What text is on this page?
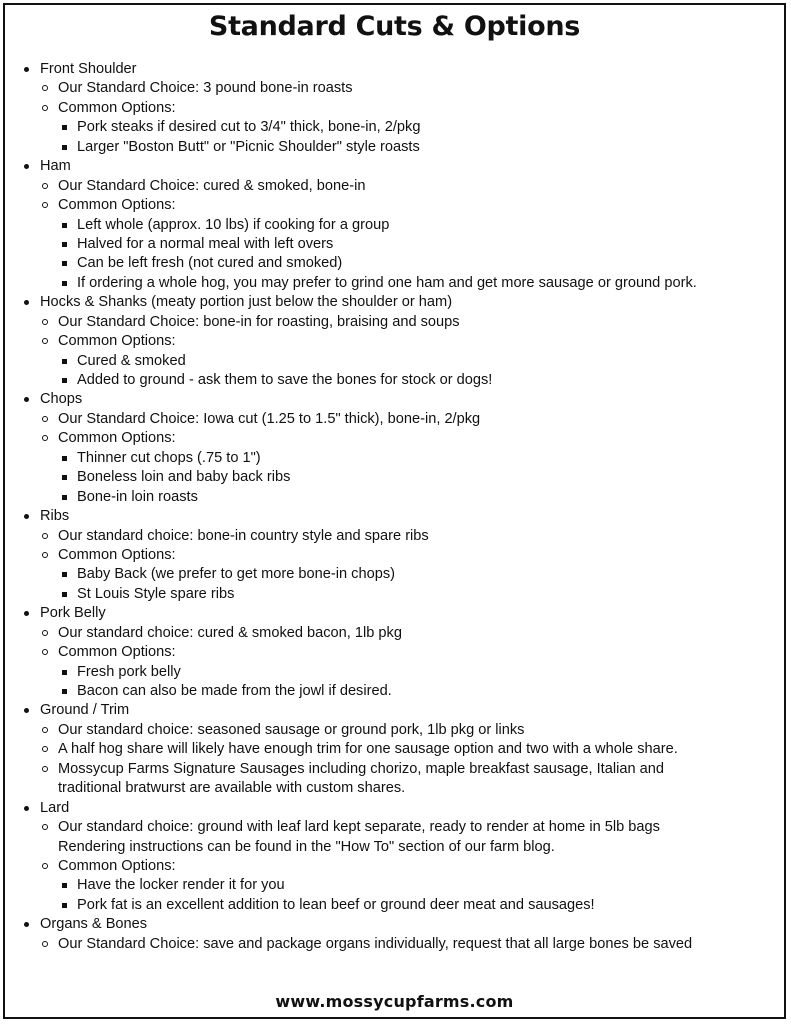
Standard Cuts & Options
Front Shoulder
Our Standard Choice: 3 pound bone-in roasts
Common Options:
Pork steaks if desired cut to 3/4" thick, bone-in, 2/pkg
Larger "Boston Butt" or "Picnic Shoulder" style roasts
Ham
Our Standard Choice: cured & smoked, bone-in
Common Options:
Left whole (approx. 10 lbs) if cooking for a group
Halved for a normal meal with left overs
Can be left fresh (not cured and smoked)
If ordering a whole hog, you may prefer to grind one ham and get more sausage or ground pork.
Hocks & Shanks (meaty portion just below the shoulder or ham)
Our Standard Choice: bone-in for roasting, braising and soups
Common Options:
Cured & smoked
Added to ground - ask them to save the bones for stock or dogs!
Chops
Our Standard Choice: Iowa cut (1.25 to 1.5" thick), bone-in, 2/pkg
Common Options:
Thinner cut chops (.75 to 1")
Boneless loin and baby back ribs
Bone-in loin roasts
Ribs
Our standard choice: bone-in country style and spare ribs
Common Options:
Baby Back (we prefer to get more bone-in chops)
St Louis Style spare ribs
Pork Belly
Our standard choice: cured & smoked bacon, 1lb pkg
Common Options:
Fresh pork belly
Bacon can also be made from the jowl if desired.
Ground / Trim
Our standard choice: seasoned sausage or ground pork, 1lb pkg or links
A half hog share will likely have enough trim for one sausage option and two with a whole share.
Mossycup Farms Signature Sausages including chorizo, maple breakfast sausage, Italian and
traditional bratwurst are available with custom shares.
Lard
Our standard choice: ground with leaf lard kept separate, ready to render at home in 5lb bags
Rendering instructions can be found in the "How To" section of our farm blog.
Common Options:
Have the locker render it for you
Pork fat is an excellent addition to lean beef or ground deer meat and sausages!
Organs & Bones
Our Standard Choice: save and package organs individually, request that all large bones be saved
www.mossycupfarms.com
